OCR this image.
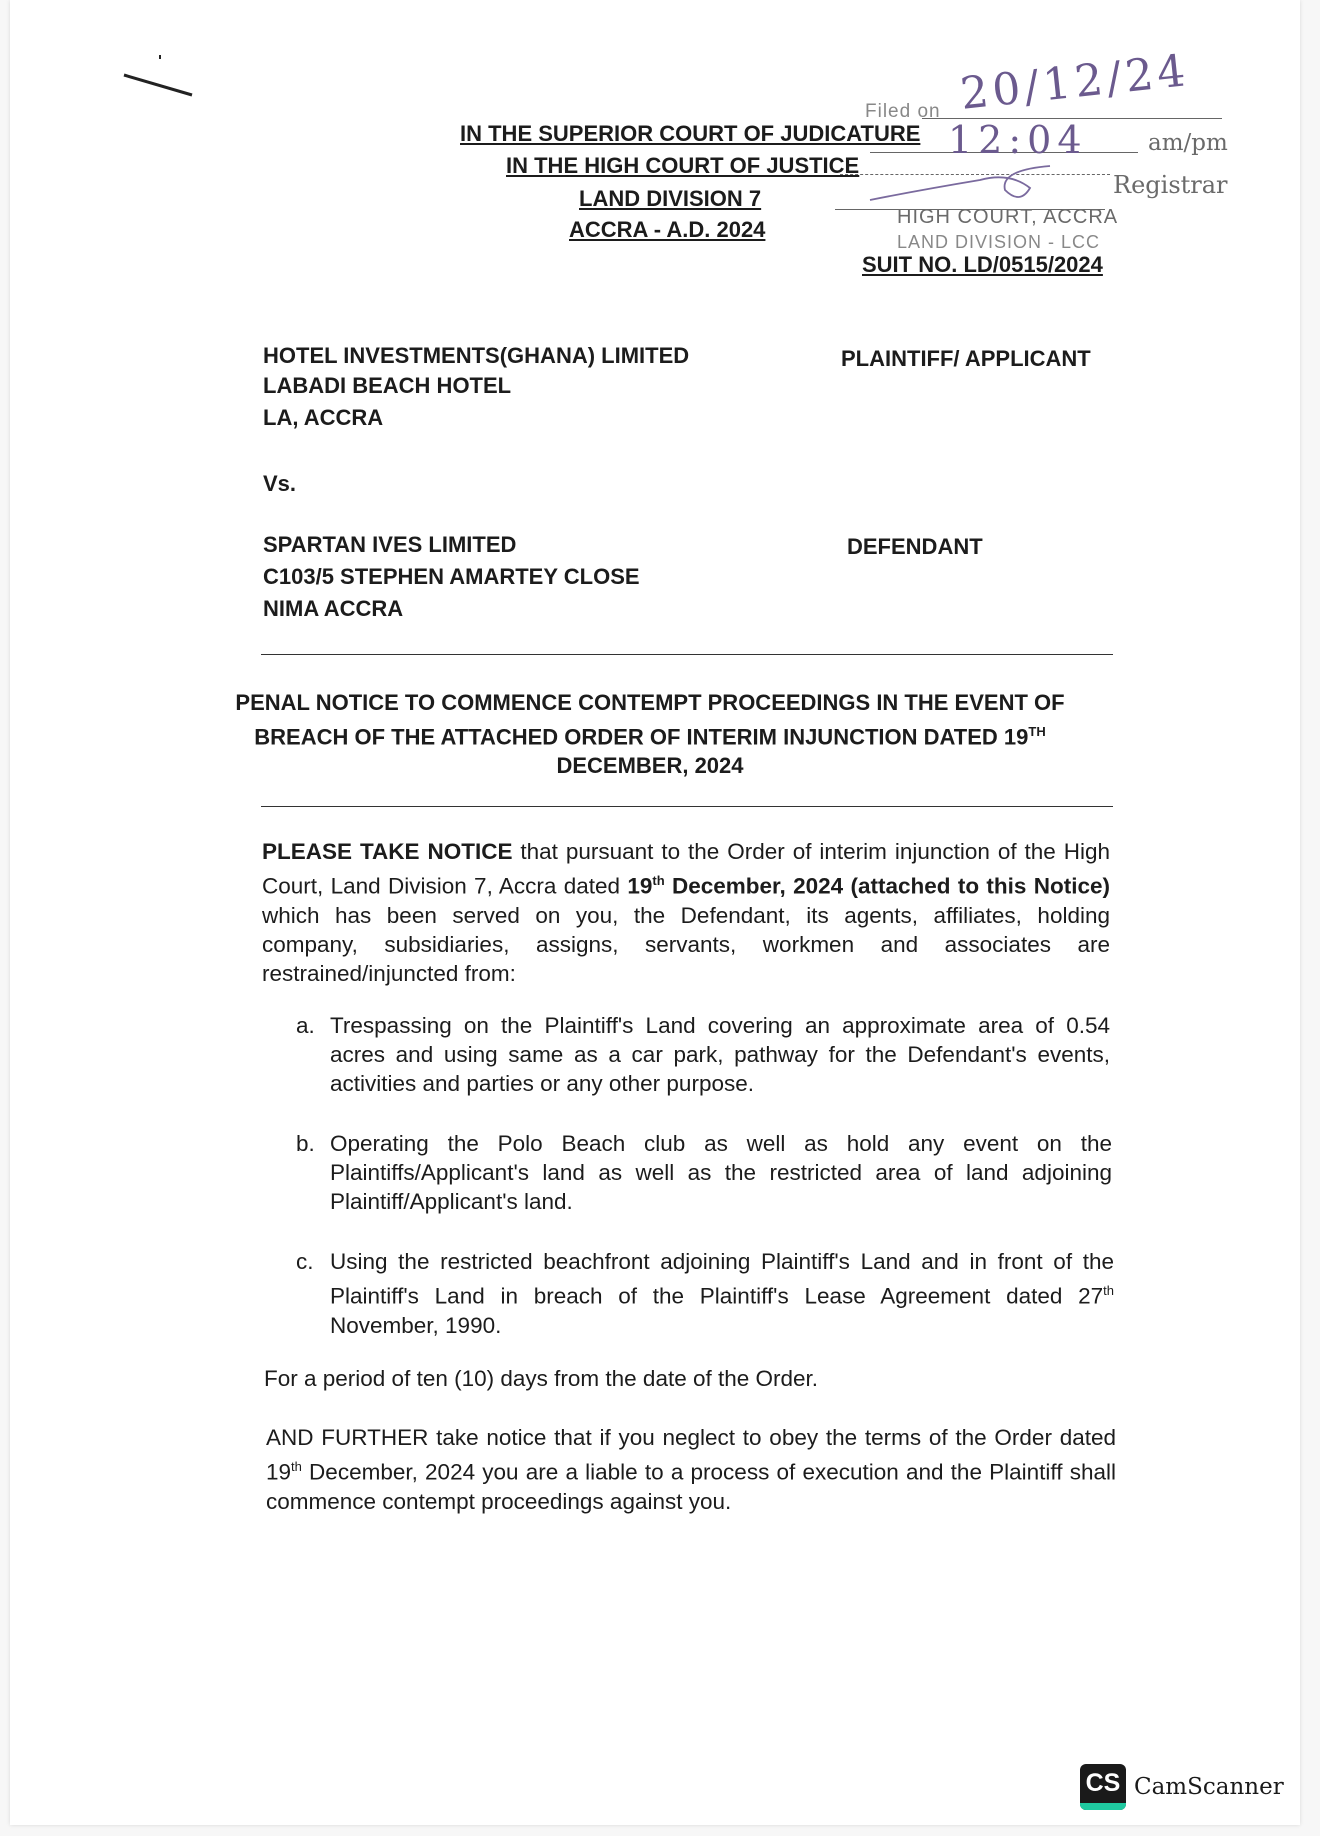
IN THE SUPERIOR COURT OF JUDICATURE
IN THE HIGH COURT OF JUSTICE
LAND DIVISION 7
ACCRA - A.D. 2024
Filed on 20/12/24
12:04	am/pm
Registrar
HIGH COURT, ACCRA
LAND DIVISION - LCC
SUIT NO. LD/0515/2024
HOTEL INVESTMENTS(GHANA) LIMITED
LABADI BEACH HOTEL
LA, ACCRA
PLAINTIFF/ APPLICANT
Vs.
SPARTAN IVES LIMITED
C103/5 STEPHEN AMARTEY CLOSE
NIMA ACCRA
DEFENDANT
PENAL NOTICE TO COMMENCE CONTEMPT PROCEEDINGS IN THE EVENT OF
BREACH OF THE ATTACHED ORDER OF INTERIM INJUNCTION DATED 19TH
DECEMBER, 2024
PLEASE TAKE NOTICE that pursuant to the Order of interim injunction of the High Court, Land Division 7, Accra dated 19th December, 2024 (attached to this Notice) which has been served on you, the Defendant, its agents, affiliates, holding company, subsidiaries, assigns, servants, workmen and associates are restrained/injuncted from:
a. Trespassing on the Plaintiff's Land covering an approximate area of 0.54 acres and using same as a car park, pathway for the Defendant's events, activities and parties or any other purpose.
b. Operating the Polo Beach club as well as hold any event on the Plaintiffs/Applicant's land as well as the restricted area of land adjoining Plaintiff/Applicant's land.
c. Using the restricted beachfront adjoining Plaintiff's Land and in front of the Plaintiff's Land in breach of the Plaintiff's Lease Agreement dated 27th November, 1990.
For a period of ten (10) days from the date of the Order.
AND FURTHER take notice that if you neglect to obey the terms of the Order dated 19th December, 2024 you are a liable to a process of execution and the Plaintiff shall commence contempt proceedings against you.
CS CamScanner
